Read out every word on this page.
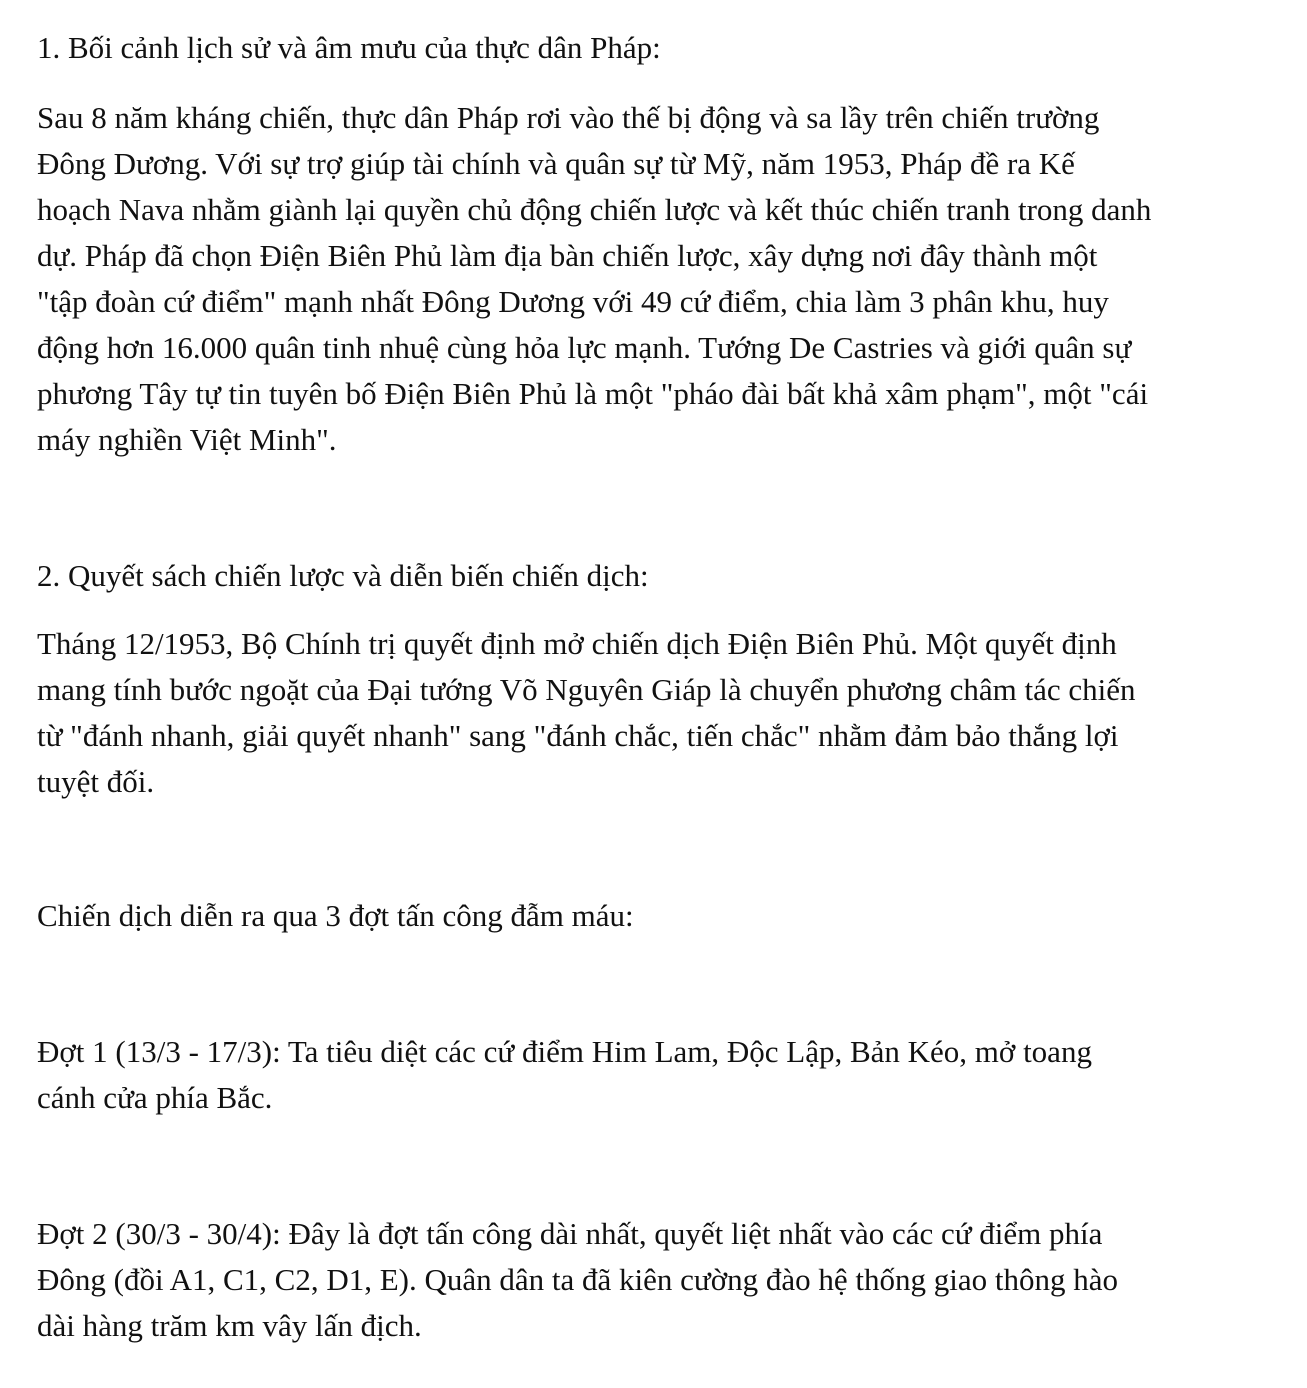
1. Bối cảnh lịch sử và âm mưu của thực dân Pháp:
Sau 8 năm kháng chiến, thực dân Pháp rơi vào thế bị động và sa lầy trên chiến trường
Đông Dương. Với sự trợ giúp tài chính và quân sự từ Mỹ, năm 1953, Pháp đề ra Kế
hoạch Nava nhằm giành lại quyền chủ động chiến lược và kết thúc chiến tranh trong danh
dự. Pháp đã chọn Điện Biên Phủ làm địa bàn chiến lược, xây dựng nơi đây thành một
"tập đoàn cứ điểm" mạnh nhất Đông Dương với 49 cứ điểm, chia làm 3 phân khu, huy
động hơn 16.000 quân tinh nhuệ cùng hỏa lực mạnh. Tướng De Castries và giới quân sự
phương Tây tự tin tuyên bố Điện Biên Phủ là một "pháo đài bất khả xâm phạm", một "cái
máy nghiền Việt Minh".
2. Quyết sách chiến lược và diễn biến chiến dịch:
Tháng 12/1953, Bộ Chính trị quyết định mở chiến dịch Điện Biên Phủ. Một quyết định
mang tính bước ngoặt của Đại tướng Võ Nguyên Giáp là chuyển phương châm tác chiến
từ "đánh nhanh, giải quyết nhanh" sang "đánh chắc, tiến chắc" nhằm đảm bảo thắng lợi
tuyệt đối.
Chiến dịch diễn ra qua 3 đợt tấn công đẫm máu:
Đợt 1 (13/3 - 17/3): Ta tiêu diệt các cứ điểm Him Lam, Độc Lập, Bản Kéo, mở toang
cánh cửa phía Bắc.
Đợt 2 (30/3 - 30/4): Đây là đợt tấn công dài nhất, quyết liệt nhất vào các cứ điểm phía
Đông (đồi A1, C1, C2, D1, E). Quân dân ta đã kiên cường đào hệ thống giao thông hào
dài hàng trăm km vây lấn địch.
